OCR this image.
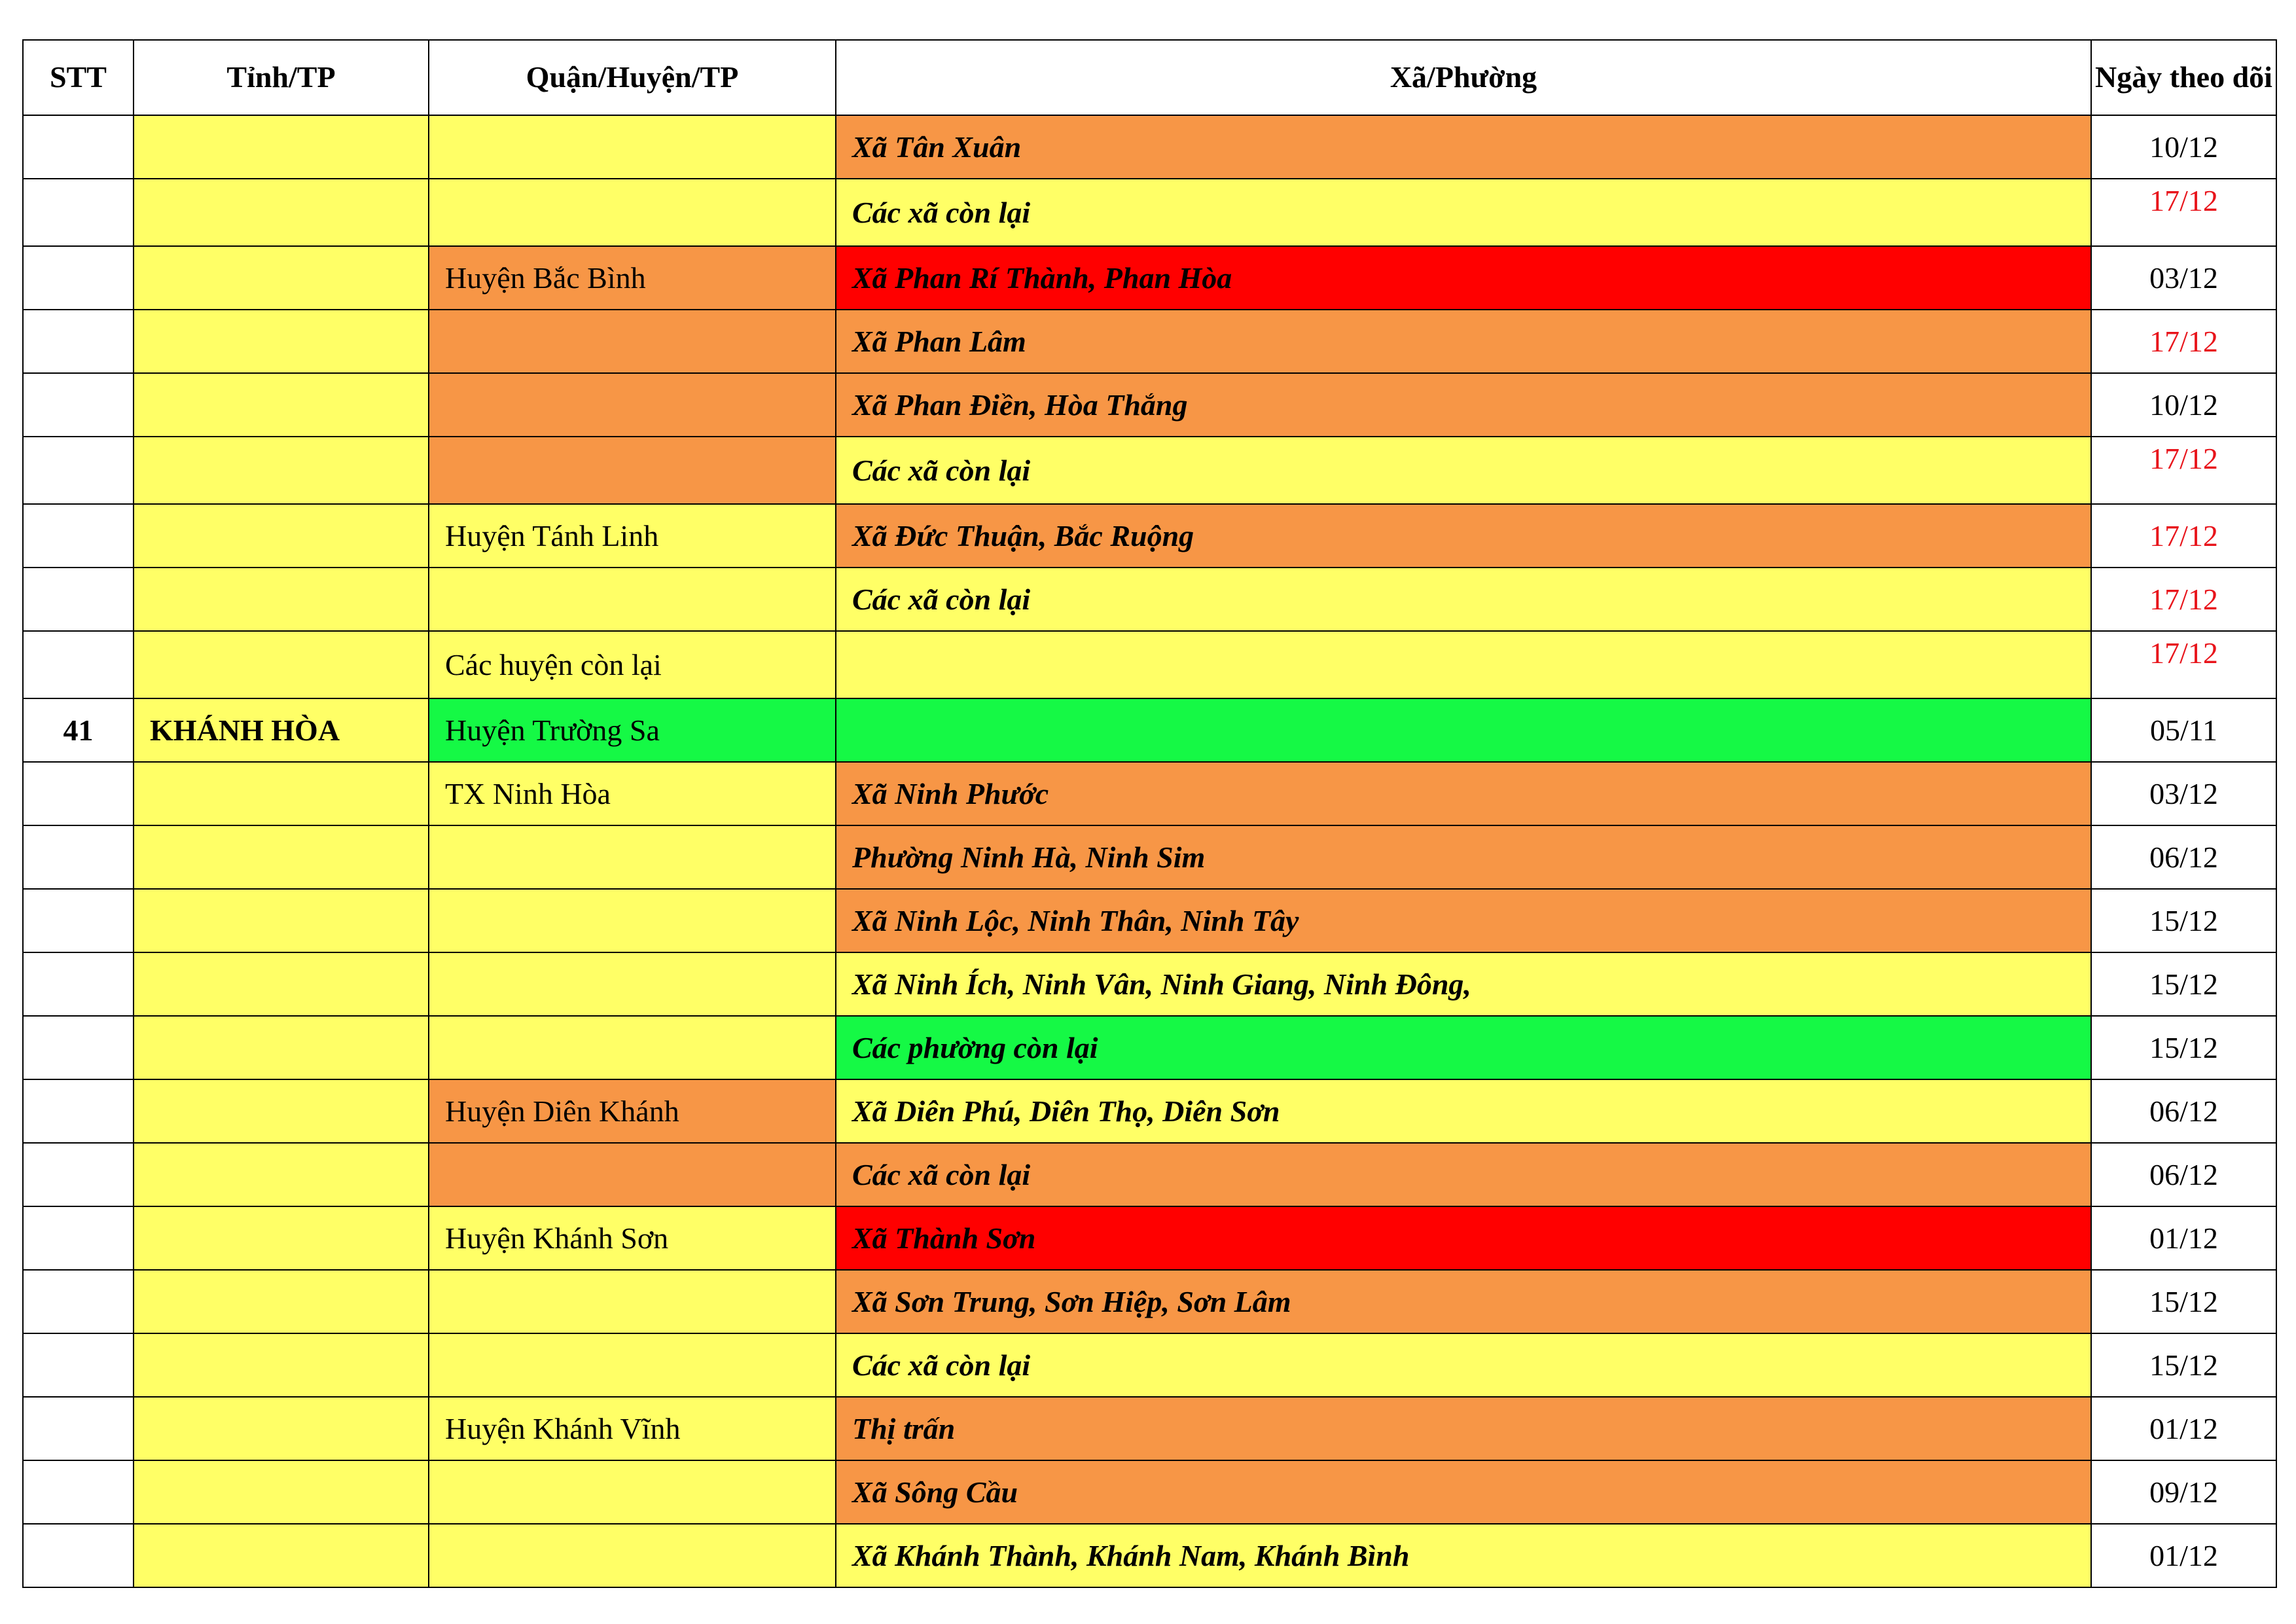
STT	Tỉnh/TP	Quận/Huyện/TP	Xã/Phường	Ngày theo dõi
			Xã Tân Xuân	10/12
			Các xã còn lại	17/12
		Huyện Bắc Bình	Xã Phan Rí Thành, Phan Hòa	03/12
			Xã Phan Lâm	17/12
			Xã Phan Điền, Hòa Thắng	10/12
			Các xã còn lại	17/12
		Huyện Tánh Linh	Xã Đức Thuận, Bắc Ruộng	17/12
			Các xã còn lại	17/12
		Các huyện còn lại		17/12
41	KHÁNH HÒA	Huyện Trường Sa		05/11
		TX Ninh Hòa	Xã Ninh Phước	03/12
			Phường Ninh Hà, Ninh Sim	06/12
			Xã Ninh Lộc, Ninh Thân, Ninh Tây	15/12
			Xã Ninh Ích, Ninh Vân, Ninh Giang, Ninh Đông,	15/12
			Các phường còn lại	15/12
		Huyện Diên Khánh	Xã Diên Phú, Diên Thọ, Diên Sơn	06/12
			Các xã còn lại	06/12
		Huyện Khánh Sơn	Xã Thành Sơn	01/12
			Xã Sơn Trung, Sơn Hiệp, Sơn Lâm	15/12
			Các xã còn lại	15/12
		Huyện Khánh Vĩnh	Thị trấn	01/12
			Xã Sông Cầu	09/12
			Xã Khánh Thành, Khánh Nam, Khánh Bình	01/12
